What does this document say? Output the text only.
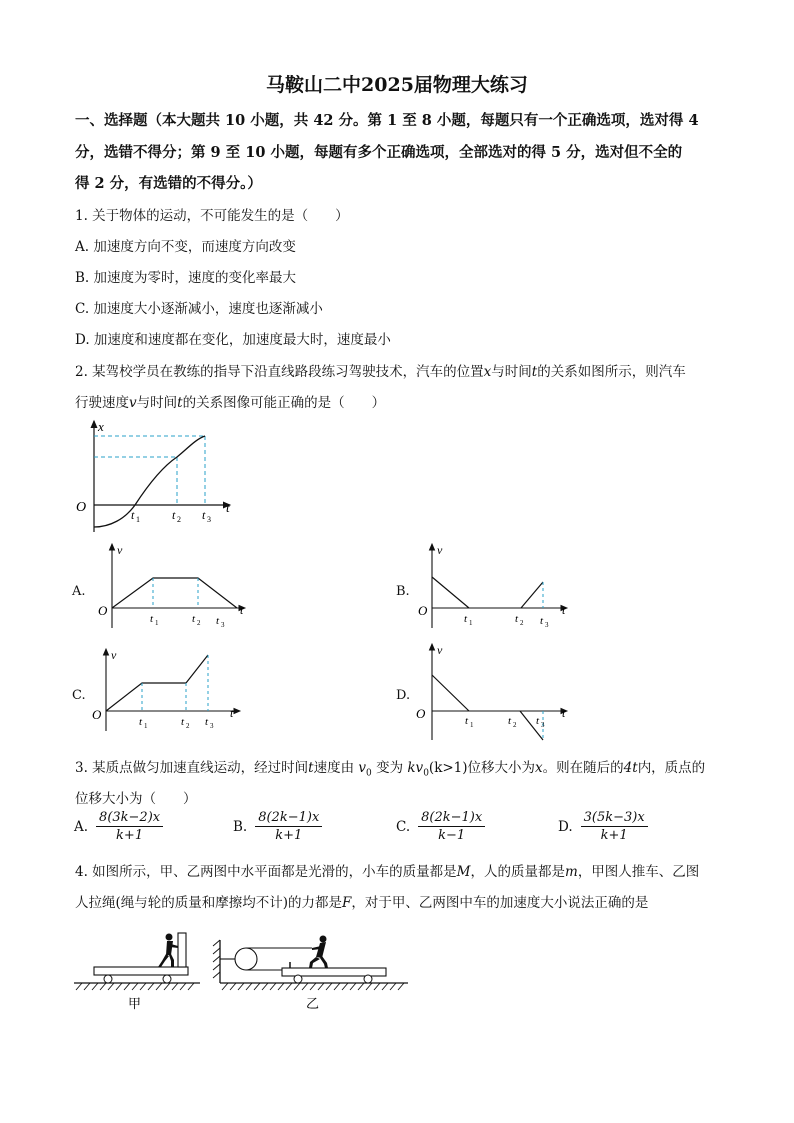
马鞍山二中2025届物理大练习
一、选择题（本大题共 10 小题，共 42 分。第 1 至 8 小题，每题只有一个正确选项，选对得 4
分，选错不得分；第 9 至 10 小题，每题有多个正确选项，全部选对的得 5 分，选对但不全的
得 2 分，有选错的不得分。）
1. 关于物体的运动，不可能发生的是（　　）
A. 加速度方向不变，而速度方向改变
B. 加速度为零时，速度的变化率最大
C. 加速度大小逐渐减小，速度也逐渐减小
D. 加速度和速度都在变化，加速度最大时，速度最小
2. 某驾校学员在教练的指导下沿直线路段练习驾驶技术，汽车的位置x与时间t的关系如图所示，则汽车
行驶速度v与时间t的关系图像可能正确的是（　　）
x
t
O	t 1	t 2 t 3
A.
v
t
O
t 1	t 2 t 3
B.
v
t
O
t 1	t 2 t 3
C.
v
t
O	t 1	t 2 t 3
D.
v
t
O	t 1	t 2 t 3
3. 某质点做匀加速直线运动，经过时间t速度由 $v_0$ 变为 $kv_0(k>1)$位移大小为x。则在随后的4t内，质点的
位移大小为（　　）
A. $\frac{8(3k-2)x}{k+1}$	B. $\frac{8(2k-1)x}{k+1}$	C. $\frac{8(2k-1)x}{k-1}$	D. $\frac{3(5k-3)x}{k+1}$
4. 如图所示，甲、乙两图中水平面都是光滑的，小车的质量都是M，人的质量都是m，甲图人推车、乙图
人拉绳(绳与轮的质量和摩擦均不计)的力都是F，对于甲、乙两图中车的加速度大小说法正确的是
甲	乙
